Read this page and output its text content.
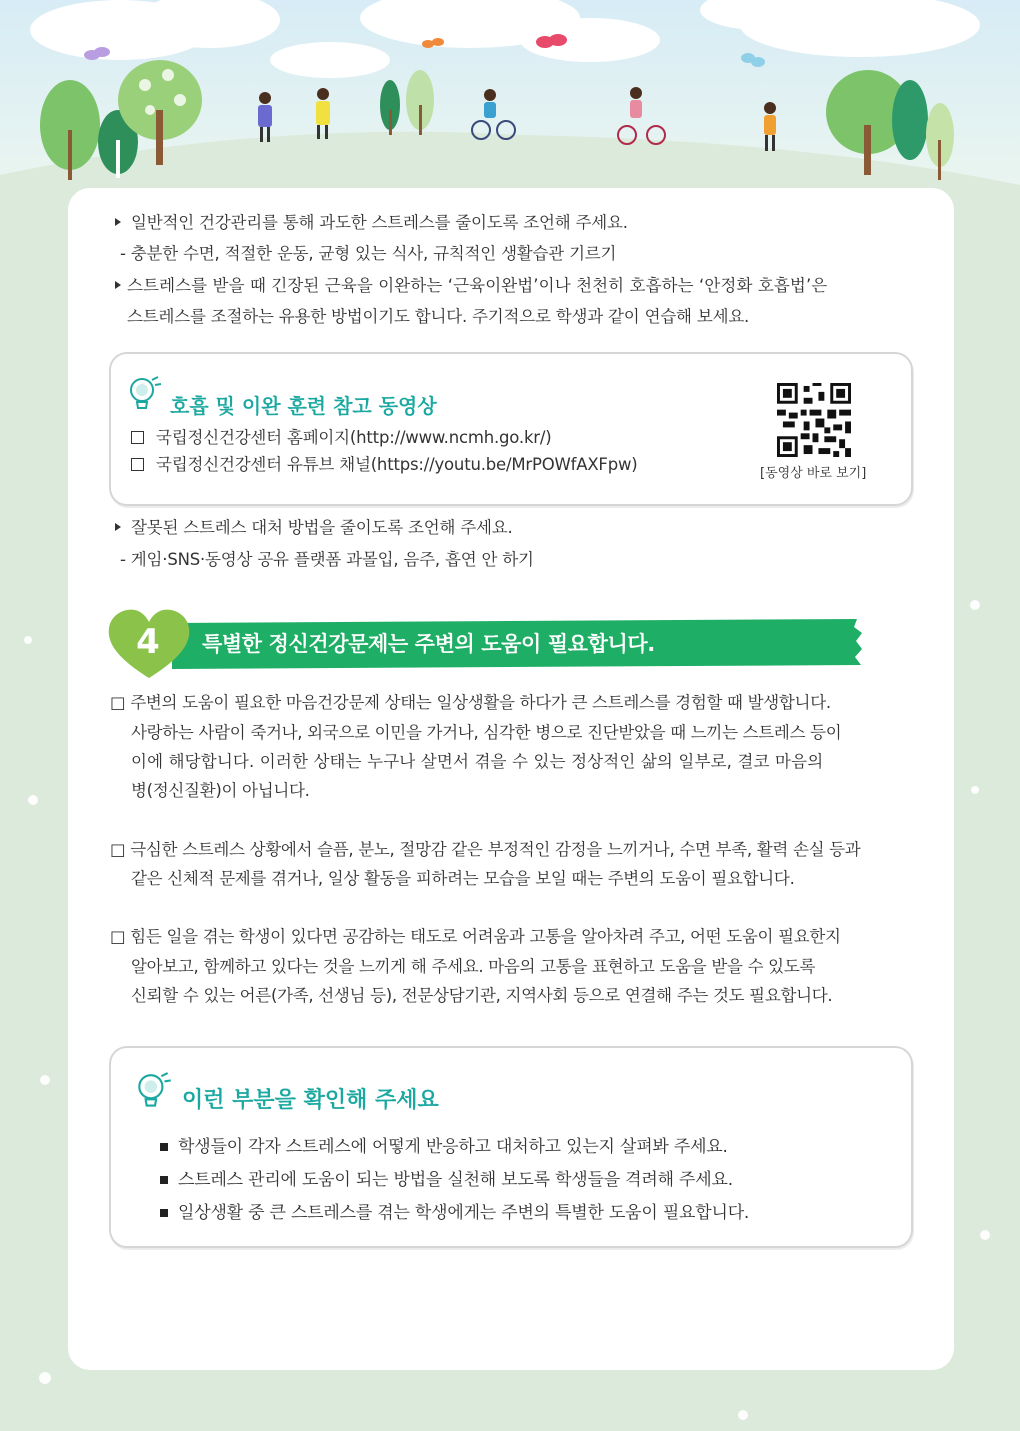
일반적인 건강관리를 통해 과도한 스트레스를 줄이도록 조언해 주세요.
- 충분한 수면, 적절한 운동, 균형 있는 식사, 규칙적인 생활습관 기르기
스트레스를 받을 때 긴장된 근육을 이완하는 ‘근육이완법’이나 천천히 호흡하는 ‘안정화 호흡법’은
스트레스를 조절하는 유용한 방법이기도 합니다. 주기적으로 학생과 같이 연습해 보세요.
호흡 및 이완 훈련 참고 동영상
국립정신건강센터 홈페이지(http://www.ncmh.go.kr/)
국립정신건강센터 유튜브 채널(https://youtu.be/MrPOWfAXFpw)	[동영상 바로 보기]
잘못된 스트레스 대처 방법을 줄이도록 조언해 주세요.
- 게임·SNS·동영상 공유 플랫폼 과몰입, 음주, 흡연 안 하기
4 특별한 정신건강문제는 주변의 도움이 필요합니다.
□ 주변의 도움이 필요한 마음건강문제 상태는 일상생활을 하다가 큰 스트레스를 경험할 때 발생합니다.
사랑하는 사람이 죽거나, 외국으로 이민을 가거나, 심각한 병으로 진단받았을 때 느끼는 스트레스 등이
이에 해당합니다. 이러한 상태는 누구나 살면서 겪을 수 있는 정상적인 삶의 일부로, 결코 마음의
병(정신질환)이 아닙니다.
□ 극심한 스트레스 상황에서 슬픔, 분노, 절망감 같은 부정적인 감정을 느끼거나, 수면 부족, 활력 손실 등과
같은 신체적 문제를 겪거나, 일상 활동을 피하려는 모습을 보일 때는 주변의 도움이 필요합니다.
□ 힘든 일을 겪는 학생이 있다면 공감하는 태도로 어려움과 고통을 알아차려 주고, 어떤 도움이 필요한지
알아보고, 함께하고 있다는 것을 느끼게 해 주세요. 마음의 고통을 표현하고 도움을 받을 수 있도록
신뢰할 수 있는 어른(가족, 선생님 등), 전문상담기관, 지역사회 등으로 연결해 주는 것도 필요합니다.
이런 부분을 확인해 주세요
학생들이 각자 스트레스에 어떻게 반응하고 대처하고 있는지 살펴봐 주세요.
스트레스 관리에 도움이 되는 방법을 실천해 보도록 학생들을 격려해 주세요.
일상생활 중 큰 스트레스를 겪는 학생에게는 주변의 특별한 도움이 필요합니다.
